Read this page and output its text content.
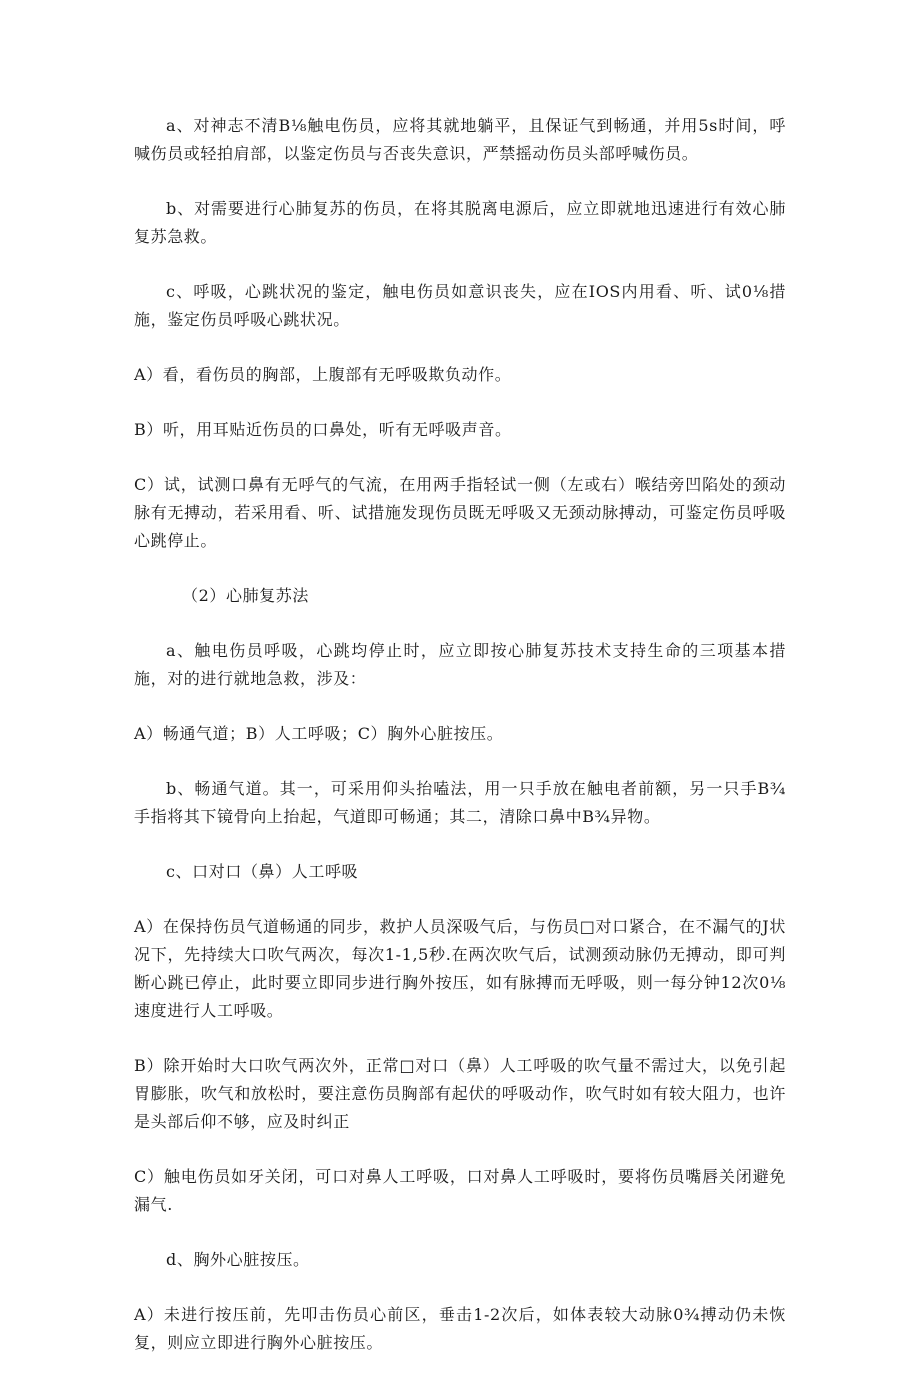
a、对神志不清B⅛触电伤员，应将其就地躺平，且保证气到畅通，并用5s时间，呼喊伤员或轻拍肩部，以鉴定伤员与否丧失意识，严禁摇动伤员头部呼喊伤员。

b、对需要进行心肺复苏的伤员，在将其脱离电源后，应立即就地迅速进行有效心肺复苏急救。

c、呼吸，心跳状况的鉴定，触电伤员如意识丧失，应在IOS内用看、听、试0⅛措施，鉴定伤员呼吸心跳状况。

A）看，看伤员的胸部，上腹部有无呼吸欺负动作。

B）听，用耳贴近伤员的口鼻处，听有无呼吸声音。

C）试，试测口鼻有无呼气的气流，在用两手指轻试一侧（左或右）喉结旁凹陷处的颈动脉有无搏动，若采用看、听、试措施发现伤员既无呼吸又无颈动脉搏动，可鉴定伤员呼吸心跳停止。

（2）心肺复苏法

a、触电伤员呼吸，心跳均停止时，应立即按心肺复苏技术支持生命的三项基本措施，对的进行就地急救，涉及：

A）畅通气道；B）人工呼吸；C）胸外心脏按压。

b、畅通气道。其一，可采用仰头抬嗑法，用一只手放在触电者前额，另一只手B¾手指将其下镜骨向上抬起，气道即可畅通；其二，清除口鼻中B¾异物。

c、口对口（鼻）人工呼吸

A）在保持伤员气道畅通的同步，救护人员深吸气后，与伤员□对口紧合，在不漏气的J状况下，先持续大口吹气两次，每次1-1,5秒.在两次吹气后，试测颈动脉仍无搏动，即可判断心跳已停止，此时要立即同步进行胸外按压，如有脉搏而无呼吸，则一每分钟12次0⅛速度进行人工呼吸。

B）除开始时大口吹气两次外，正常□对口（鼻）人工呼吸的吹气量不需过大，以免引起胃膨胀，吹气和放松时，要注意伤员胸部有起伏的呼吸动作，吹气时如有较大阻力，也许是头部后仰不够，应及时纠正

C）触电伤员如牙关闭，可口对鼻人工呼吸，口对鼻人工呼吸时，要将伤员嘴唇关闭避免漏气.

d、胸外心脏按压。

A）未进行按压前，先叩击伤员心前区，垂击1-2次后，如体表较大动脉0¾搏动仍未恢复，则应立即进行胸外心脏按压。
